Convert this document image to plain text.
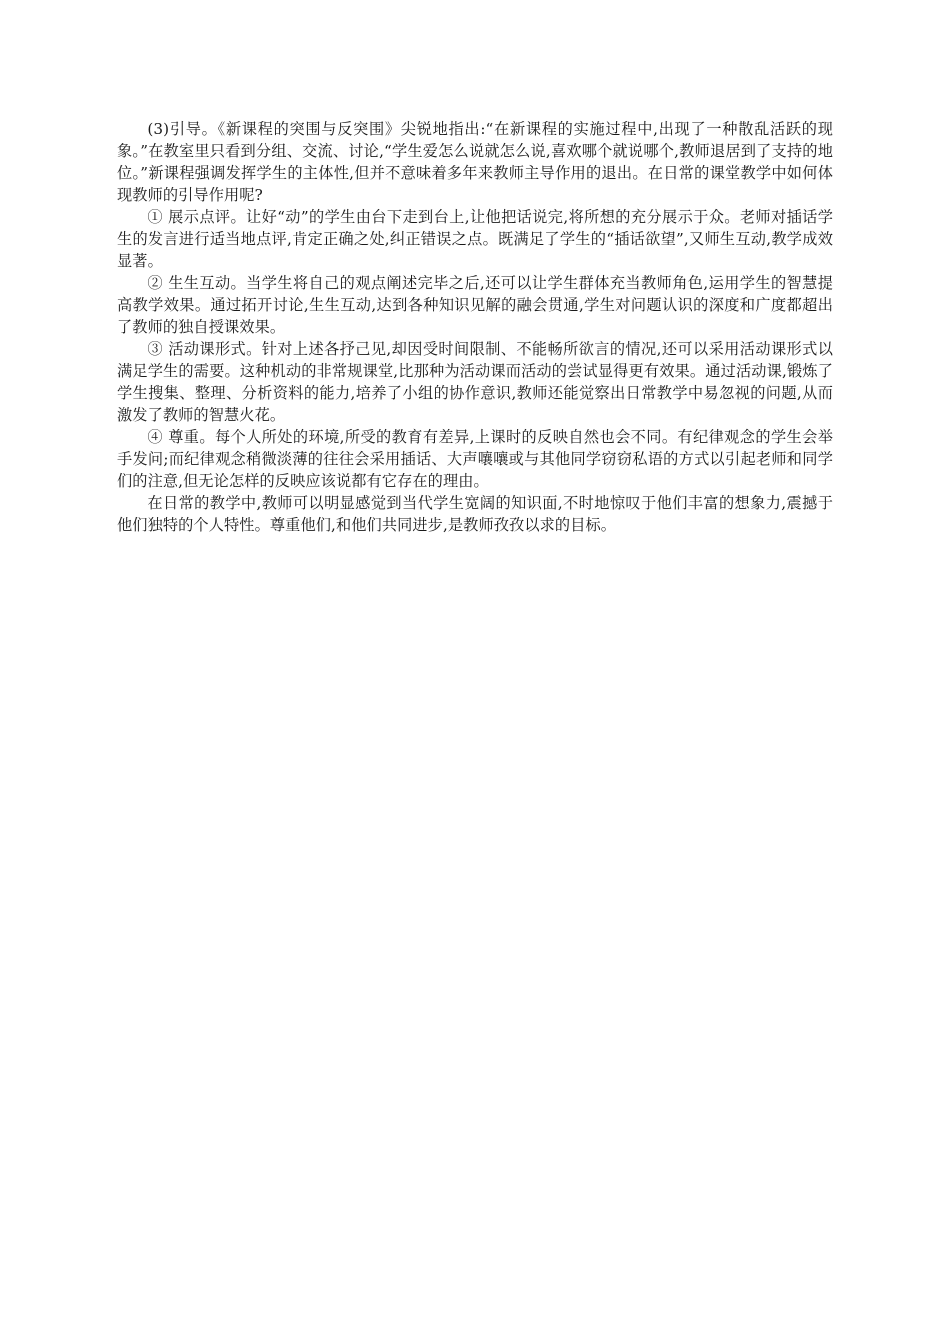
(3)引导。《新课程的突围与反突围》尖锐地指出:“在新课程的实施过程中,出现了一种散乱活跃的现象。”在教室里只看到分组、交流、讨论,“学生爱怎么说就怎么说,喜欢哪个就说哪个,教师退居到了支持的地位。”新课程强调发挥学生的主体性,但并不意味着多年来教师主导作用的退出。在日常的课堂教学中如何体现教师的引导作用呢?

① 展示点评。让好“动”的学生由台下走到台上,让他把话说完,将所想的充分展示于众。老师对插话学生的发言进行适当地点评,肯定正确之处,纠正错误之点。既满足了学生的“插话欲望”,又师生互动,教学成效显著。

② 生生互动。当学生将自己的观点阐述完毕之后,还可以让学生群体充当教师角色,运用学生的智慧提高教学效果。通过拓开讨论,生生互动,达到各种知识见解的融会贯通,学生对问题认识的深度和广度都超出了教师的独自授课效果。

③ 活动课形式。针对上述各抒己见,却因受时间限制、不能畅所欲言的情况,还可以采用活动课形式以满足学生的需要。这种机动的非常规课堂,比那种为活动课而活动的尝试显得更有效果。通过活动课,锻炼了学生搜集、整理、分析资料的能力,培养了小组的协作意识,教师还能觉察出日常教学中易忽视的问题,从而激发了教师的智慧火花。

④ 尊重。每个人所处的环境,所受的教育有差异,上课时的反映自然也会不同。有纪律观念的学生会举手发问;而纪律观念稍微淡薄的往往会采用插话、大声嚷嚷或与其他同学窃窃私语的方式以引起老师和同学们的注意,但无论怎样的反映应该说都有它存在的理由。

在日常的教学中,教师可以明显感觉到当代学生宽阔的知识面,不时地惊叹于他们丰富的想象力,震撼于他们独特的个人特性。尊重他们,和他们共同进步,是教师孜孜以求的目标。
